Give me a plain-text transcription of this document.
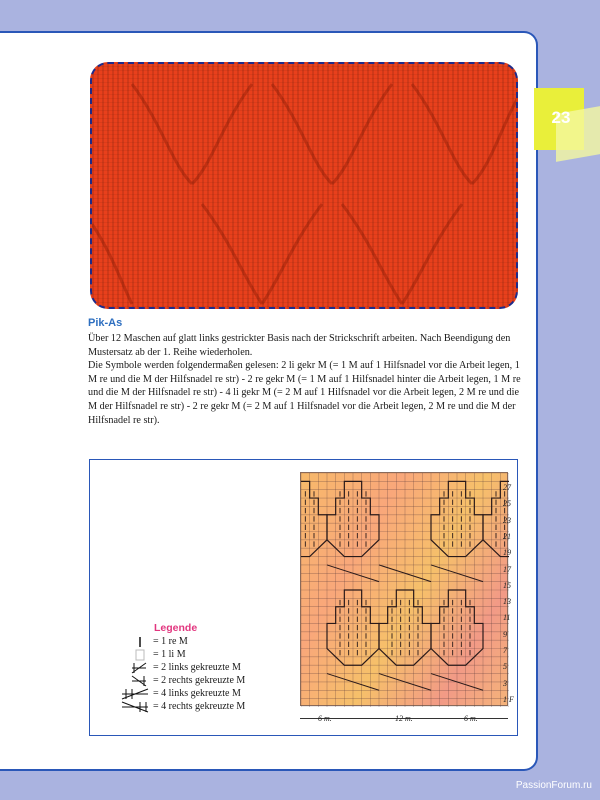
23
Pik-As

Über 12 Maschen auf glatt links gestrickter Basis nach der Strickschrift arbeiten. Nach Beendigung den Mustersatz ab der 1. Reihe wiederholen.

Die Symbole werden folgendermaßen gelesen: 2 li gekr M (= 1 M auf 1 Hilfsnadel vor die Arbeit legen, 1 M re und die M der Hilfsnadel re str) - 2 re gekr M (= 1 M auf 1 Hilfsnadel hinter die Arbeit legen, 1 M re und die M der Hilfsnadel re str) - 4 li gekr M (= 2 M auf 1 Hilfsnadel vor die Arbeit legen, 2 M re und die M der Hilfsnadel re str) - 2 re gekr M (= 2 M auf 1 Hilfsnadel vor die Arbeit legen, 2 M re und die M der Hilfsnadel re str).

27
25
23
21
19
17
15
13
11
9
7
5
3
1 F
6 m.	12 m.	6 m.
Legende
= 1 re M
= 1 li M
= 2 links gekreuzte M
= 2 rechts gekreuzte M
= 4 links gekreuzte M
= 4 rechts gekreuzte M
PassionForum.ru
